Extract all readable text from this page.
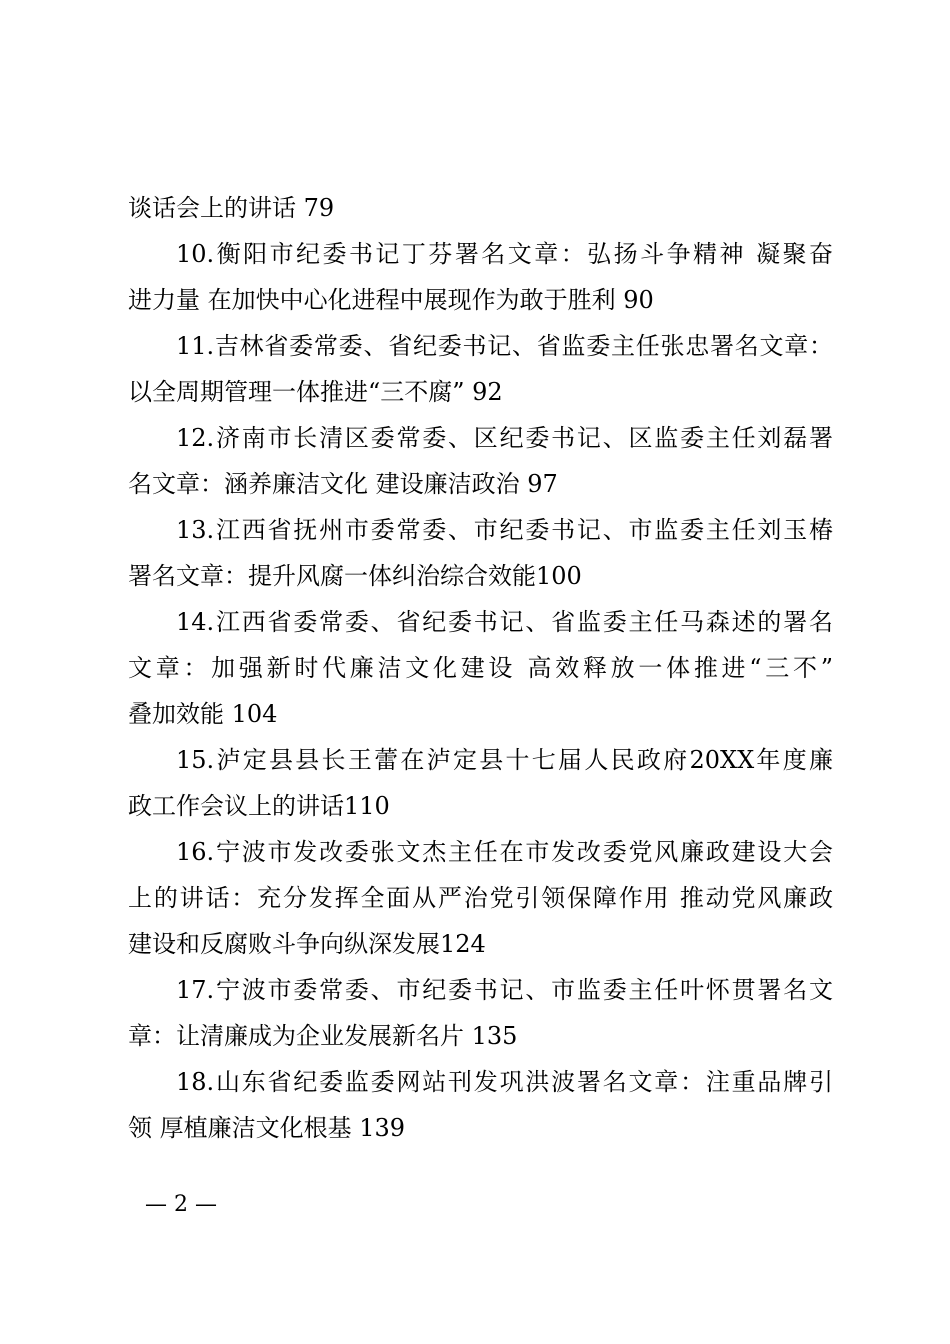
谈话会上的讲话 79
10.衡阳市纪委书记丁芬署名文章：弘扬斗争精神 凝聚奋
进力量 在加快中心化进程中展现作为敢于胜利 90
11.吉林省委常委、省纪委书记、省监委主任张忠署名文章：
以全周期管理一体推进“三不腐” 92
12.济南市长清区委常委、区纪委书记、区监委主任刘磊署
名文章：涵养廉洁文化 建设廉洁政治 97
13.江西省抚州市委常委、市纪委书记、市监委主任刘玉椿
署名文章：提升风腐一体纠治综合效能100
14.江西省委常委、省纪委书记、省监委主任马森述的署名
文章：加强新时代廉洁文化建设 高效释放一体推进“三不”
叠加效能 104
15.泸定县县长王蕾在泸定县十七届人民政府20XX年度廉
政工作会议上的讲话110
16.宁波市发改委张文杰主任在市发改委党风廉政建设大会
上的讲话：充分发挥全面从严治党引领保障作用 推动党风廉政
建设和反腐败斗争向纵深发展124
17.宁波市委常委、市纪委书记、市监委主任叶怀贯署名文
章：让清廉成为企业发展新名片 135
18.山东省纪委监委网站刊发巩洪波署名文章：注重品牌引
领 厚植廉洁文化根基 139
— 2 —
